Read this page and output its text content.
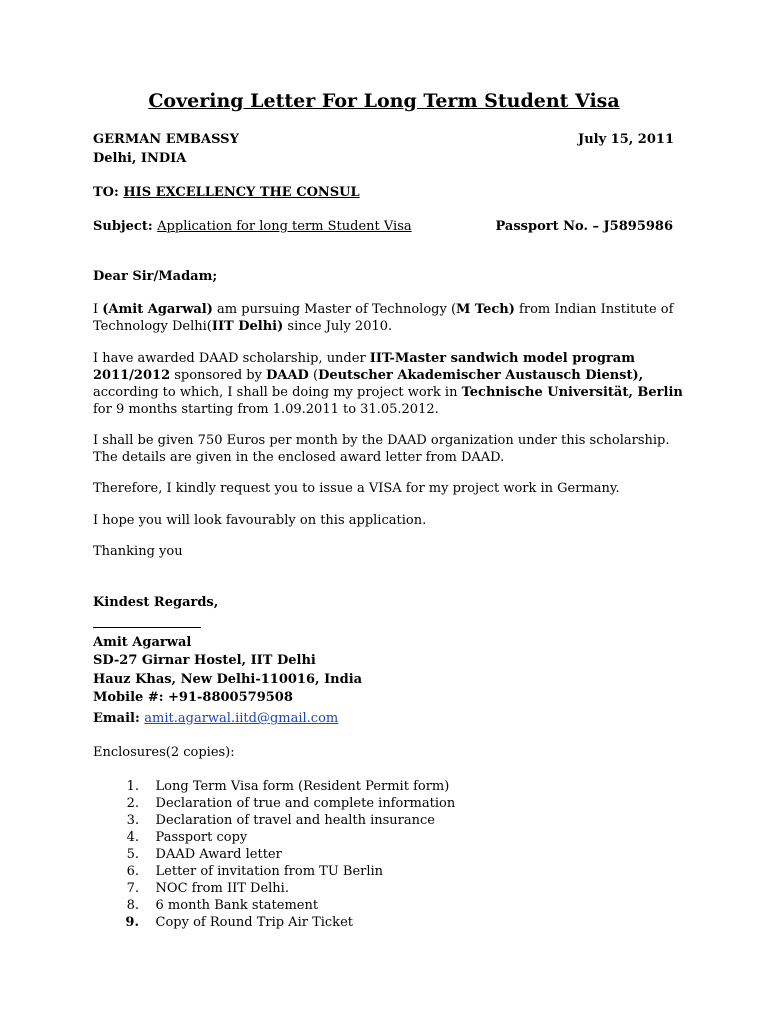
Covering Letter For Long Term Student Visa
GERMAN EMBASSY	July 15, 2011
Delhi, INDIA
TO: HIS EXCELLENCY THE CONSUL
Subject: Application for long term Student Visa	Passport No. – J5895986
Dear Sir/Madam;
I (Amit Agarwal) am pursuing Master of Technology (M Tech) from Indian Institute of Technology Delhi(IIT Delhi) since July 2010.
I have awarded DAAD scholarship, under IIT-Master sandwich model program 2011/2012 sponsored by DAAD (Deutscher Akademischer Austausch Dienst), according to which, I shall be doing my project work in Technische Universität, Berlin for 9 months starting from 1.09.2011 to 31.05.2012.
I shall be given 750 Euros per month by the DAAD organization under this scholarship. The details are given in the enclosed award letter from DAAD.
Therefore, I kindly request you to issue a VISA for my project work in Germany.
I hope you will look favourably on this application.
Thanking you
Kindest Regards,
Amit Agarwal
SD-27 Girnar Hostel, IIT Delhi
Hauz Khas, New Delhi-110016, India
Mobile #: +91-8800579508
Email: amit.agarwal.iitd@gmail.com
Enclosures(2 copies):
1. Long Term Visa form (Resident Permit form)
2. Declaration of true and complete information
3. Declaration of travel and health insurance
4. Passport copy
5. DAAD Award letter
6. Letter of invitation from TU Berlin
7. NOC from IIT Delhi.
8. 6 month Bank statement
9. Copy of Round Trip Air Ticket
